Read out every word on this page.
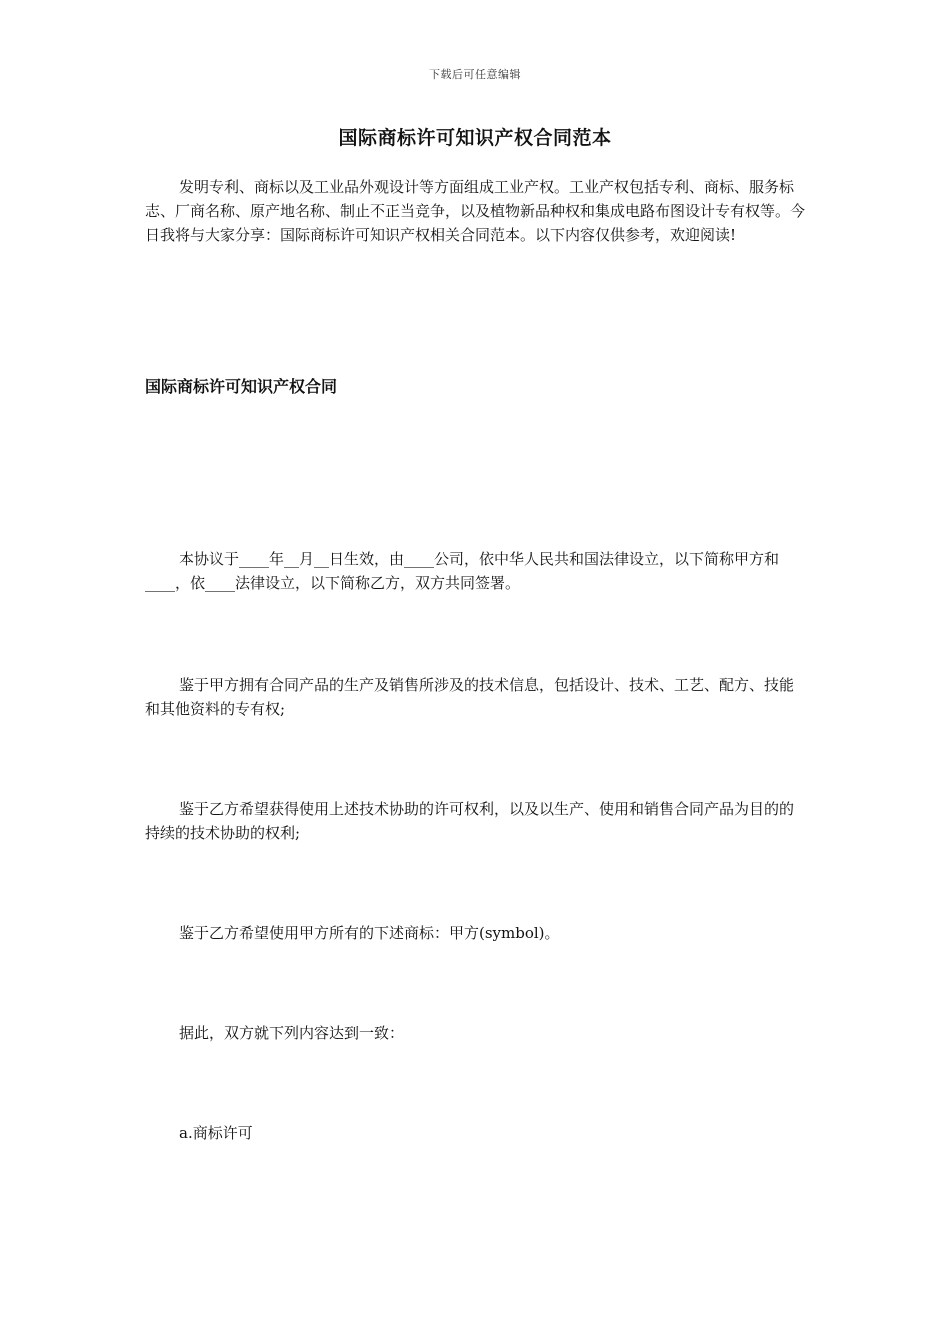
下载后可任意编辑
国际商标许可知识产权合同范本

发明专利、商标以及工业品外观设计等方面组成工业产权。工业产权包括专利、商标、服务标志、厂商名称、原产地名称、制止不正当竞争，以及植物新品种权和集成电路布图设计专有权等。今日我将与大家分享：国际商标许可知识产权相关合同范本。以下内容仅供参考，欢迎阅读!

国际商标许可知识产权合同

本协议于____年__月__日生效，由____公司，依中华人民共和国法律设立，以下简称甲方和____，依____法律设立，以下简称乙方，双方共同签署。

鉴于甲方拥有合同产品的生产及销售所涉及的技术信息，包括设计、技术、工艺、配方、技能和其他资料的专有权;

鉴于乙方希望获得使用上述技术协助的许可权利，以及以生产、使用和销售合同产品为目的的持续的技术协助的权利;

鉴于乙方希望使用甲方所有的下述商标：甲方(symbol)。

据此，双方就下列内容达到一致：

a.商标许可
